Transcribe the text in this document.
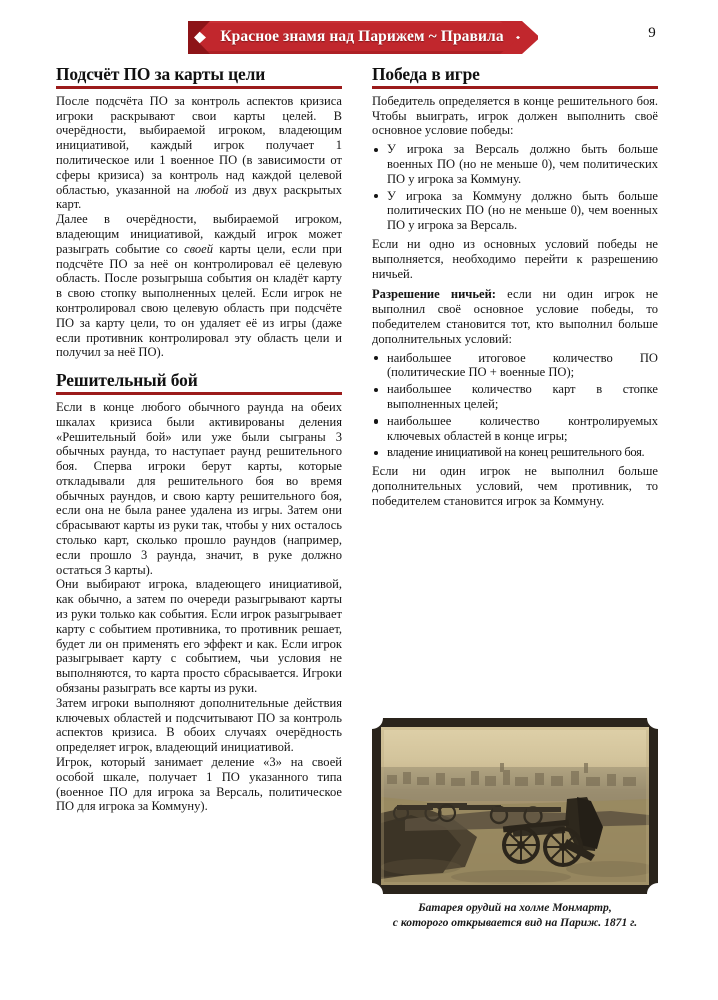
Красное знамя над Парижем ~ Правила	9
Подсчёт ПО за карты цели

После подсчёта ПО за контроль аспектов кризиса игроки раскрывают свои карты целей. В очерёдности, выбираемой игроком, владеющим инициативой, каждый игрок получает 1 политическое или 1 военное ПО (в зависимости от сферы кризиса) за контроль над каждой целевой областью, указанной на любой из двух раскрытых карт.

Далее в очерёдности, выбираемой игроком, владеющим инициативой, каждый игрок может разыграть событие со своей карты цели, если при подсчёте ПО за неё он контролировал её целевую область. После розыгрыша события он кладёт карту в свою стопку выполненных целей. Если игрок не контролировал свою целевую область при подсчёте ПО за карту цели, то он удаляет её из игры (даже если противник контролировал эту область цели и получил за неё ПО).

Решительный бой

Если в конце любого обычного раунда на обеих шкалах кризиса были активированы деления «Решительный бой» или уже были сыграны 3 обычных раунда, то наступает раунд решительного боя. Сперва игроки берут карты, которые откладывали для решительного боя во время обычных раундов, и свою карту решительного боя, если она не была ранее удалена из игры. Затем они сбрасывают карты из руки так, чтобы у них осталось столько карт, сколько прошло раундов (например, если прошло 3 раунда, значит, в руке должно остаться 3 карты).

Они выбирают игрока, владеющего инициативой, как обычно, а затем по очереди разыгрывают карты из руки только как события. Если игрок разыгрывает карту с событием противника, то противник решает, будет ли он применять его эффект и как. Если игрок разыгрывает карту с событием, чьи условия не выполняются, то карта просто сбрасывается. Игроки обязаны разыграть все карты из руки.

Затем игроки выполняют дополнительные действия ключевых областей и подсчитывают ПО за контроль аспектов кризиса. В обоих случаях очерёдность определяет игрок, владеющий инициативой.

Игрок, который занимает деление «3» на своей особой шкале, получает 1 ПО указанного типа (военное ПО для игрока за Версаль, политическое ПО для игрока за Коммуну).

Победа в игре

Победитель определяется в конце решительного боя. Чтобы выиграть, игрок должен выполнить своё основное условие победы:

У игрока за Версаль должно быть больше военных ПО (но не меньше 0), чем политических ПО у игрока за Коммуну.
У игрока за Коммуну должно быть больше политических ПО (но не меньше 0), чем военных ПО у игрока за Версаль.

Если ни одно из основных условий победы не выполняется, необходимо перейти к разрешению ничьей.

Разрешение ничьей: если ни один игрок не выполнил своё основное условие победы, то победителем становится тот, кто выполнил больше дополнительных условий:

наибольшее итоговое количество ПО (политические ПО + военные ПО);
наибольшее количество карт в стопке выполненных целей;
наибольшее количество контролируемых ключевых областей в конце игры;
владение инициативой на конец решительного боя.

Если ни один игрок не выполнил больше дополнительных условий, чем противник, то победителем становится игрок за Коммуну.

Батарея орудий на холме Монмартр,
с которого открывается вид на Париж. 1871 г.
